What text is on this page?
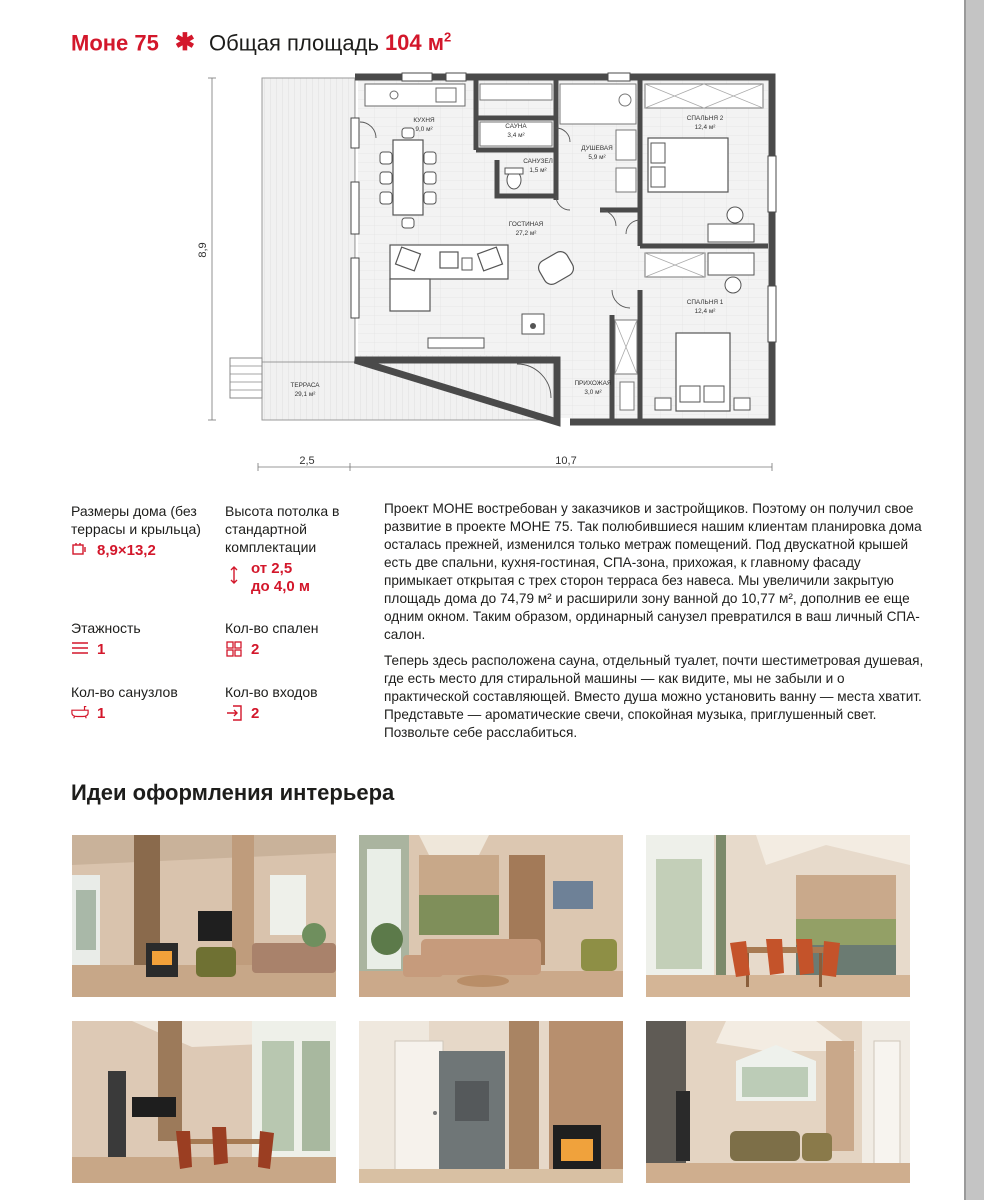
Моне 75 ✱ Общая площадь 104 $м^2$
КУХНЯ
9,0 м²	САУНА
3,4 м²
ДУШЕВАЯ
5,9 м²
САНУЗЕЛ
1,5 м²
СПАЛЬНЯ 2
12,4 м²
ГОСТИНАЯ
27,2 м²
СПАЛЬНЯ 1
12,4 м²
ТЕРРАСА
29,1 м²
ПРИХОЖАЯ
3,0 м²
8,9
2,5	10,7
Размеры дома (без террасы и крыльца)
8,9×13,2
Высота потолка в стандартной комплектации
от 2,5
до 4,0 м
Этажность
1
Кол-во спален
2
Кол-во санузлов
1
Кол-во входов
2

Проект МОНЕ востребован у заказчиков и застройщиков. Поэтому он получил свое развитие в проекте МОНЕ 75. Так полюбившиеся нашим клиентам планировка дома осталась прежней, изменился только метраж помещений. Под двускатной крышей есть две спальни, кухня-гостиная, СПА-зона, прихожая, к главному фасаду примыкает открытая с трех сторон терраса без навеса. Мы увеличили закрытую площадь дома до 74,79 м² и расширили зону ванной до 10,77 м², дополнив ее еще одним окном. Таким образом, ординарный санузел превратился в ваш личный СПА-салон.

Теперь здесь расположена сауна, отдельный туалет, почти шестиметровая душевая, где есть место для стиральной машины — как видите, мы не забыли и о практической составляющей. Вместо душа можно установить ванну — места хватит. Представьте — ароматические свечи, спокойная музыка, приглушенный свет. Позвольте себе расслабиться.

Идеи оформления интерьера
